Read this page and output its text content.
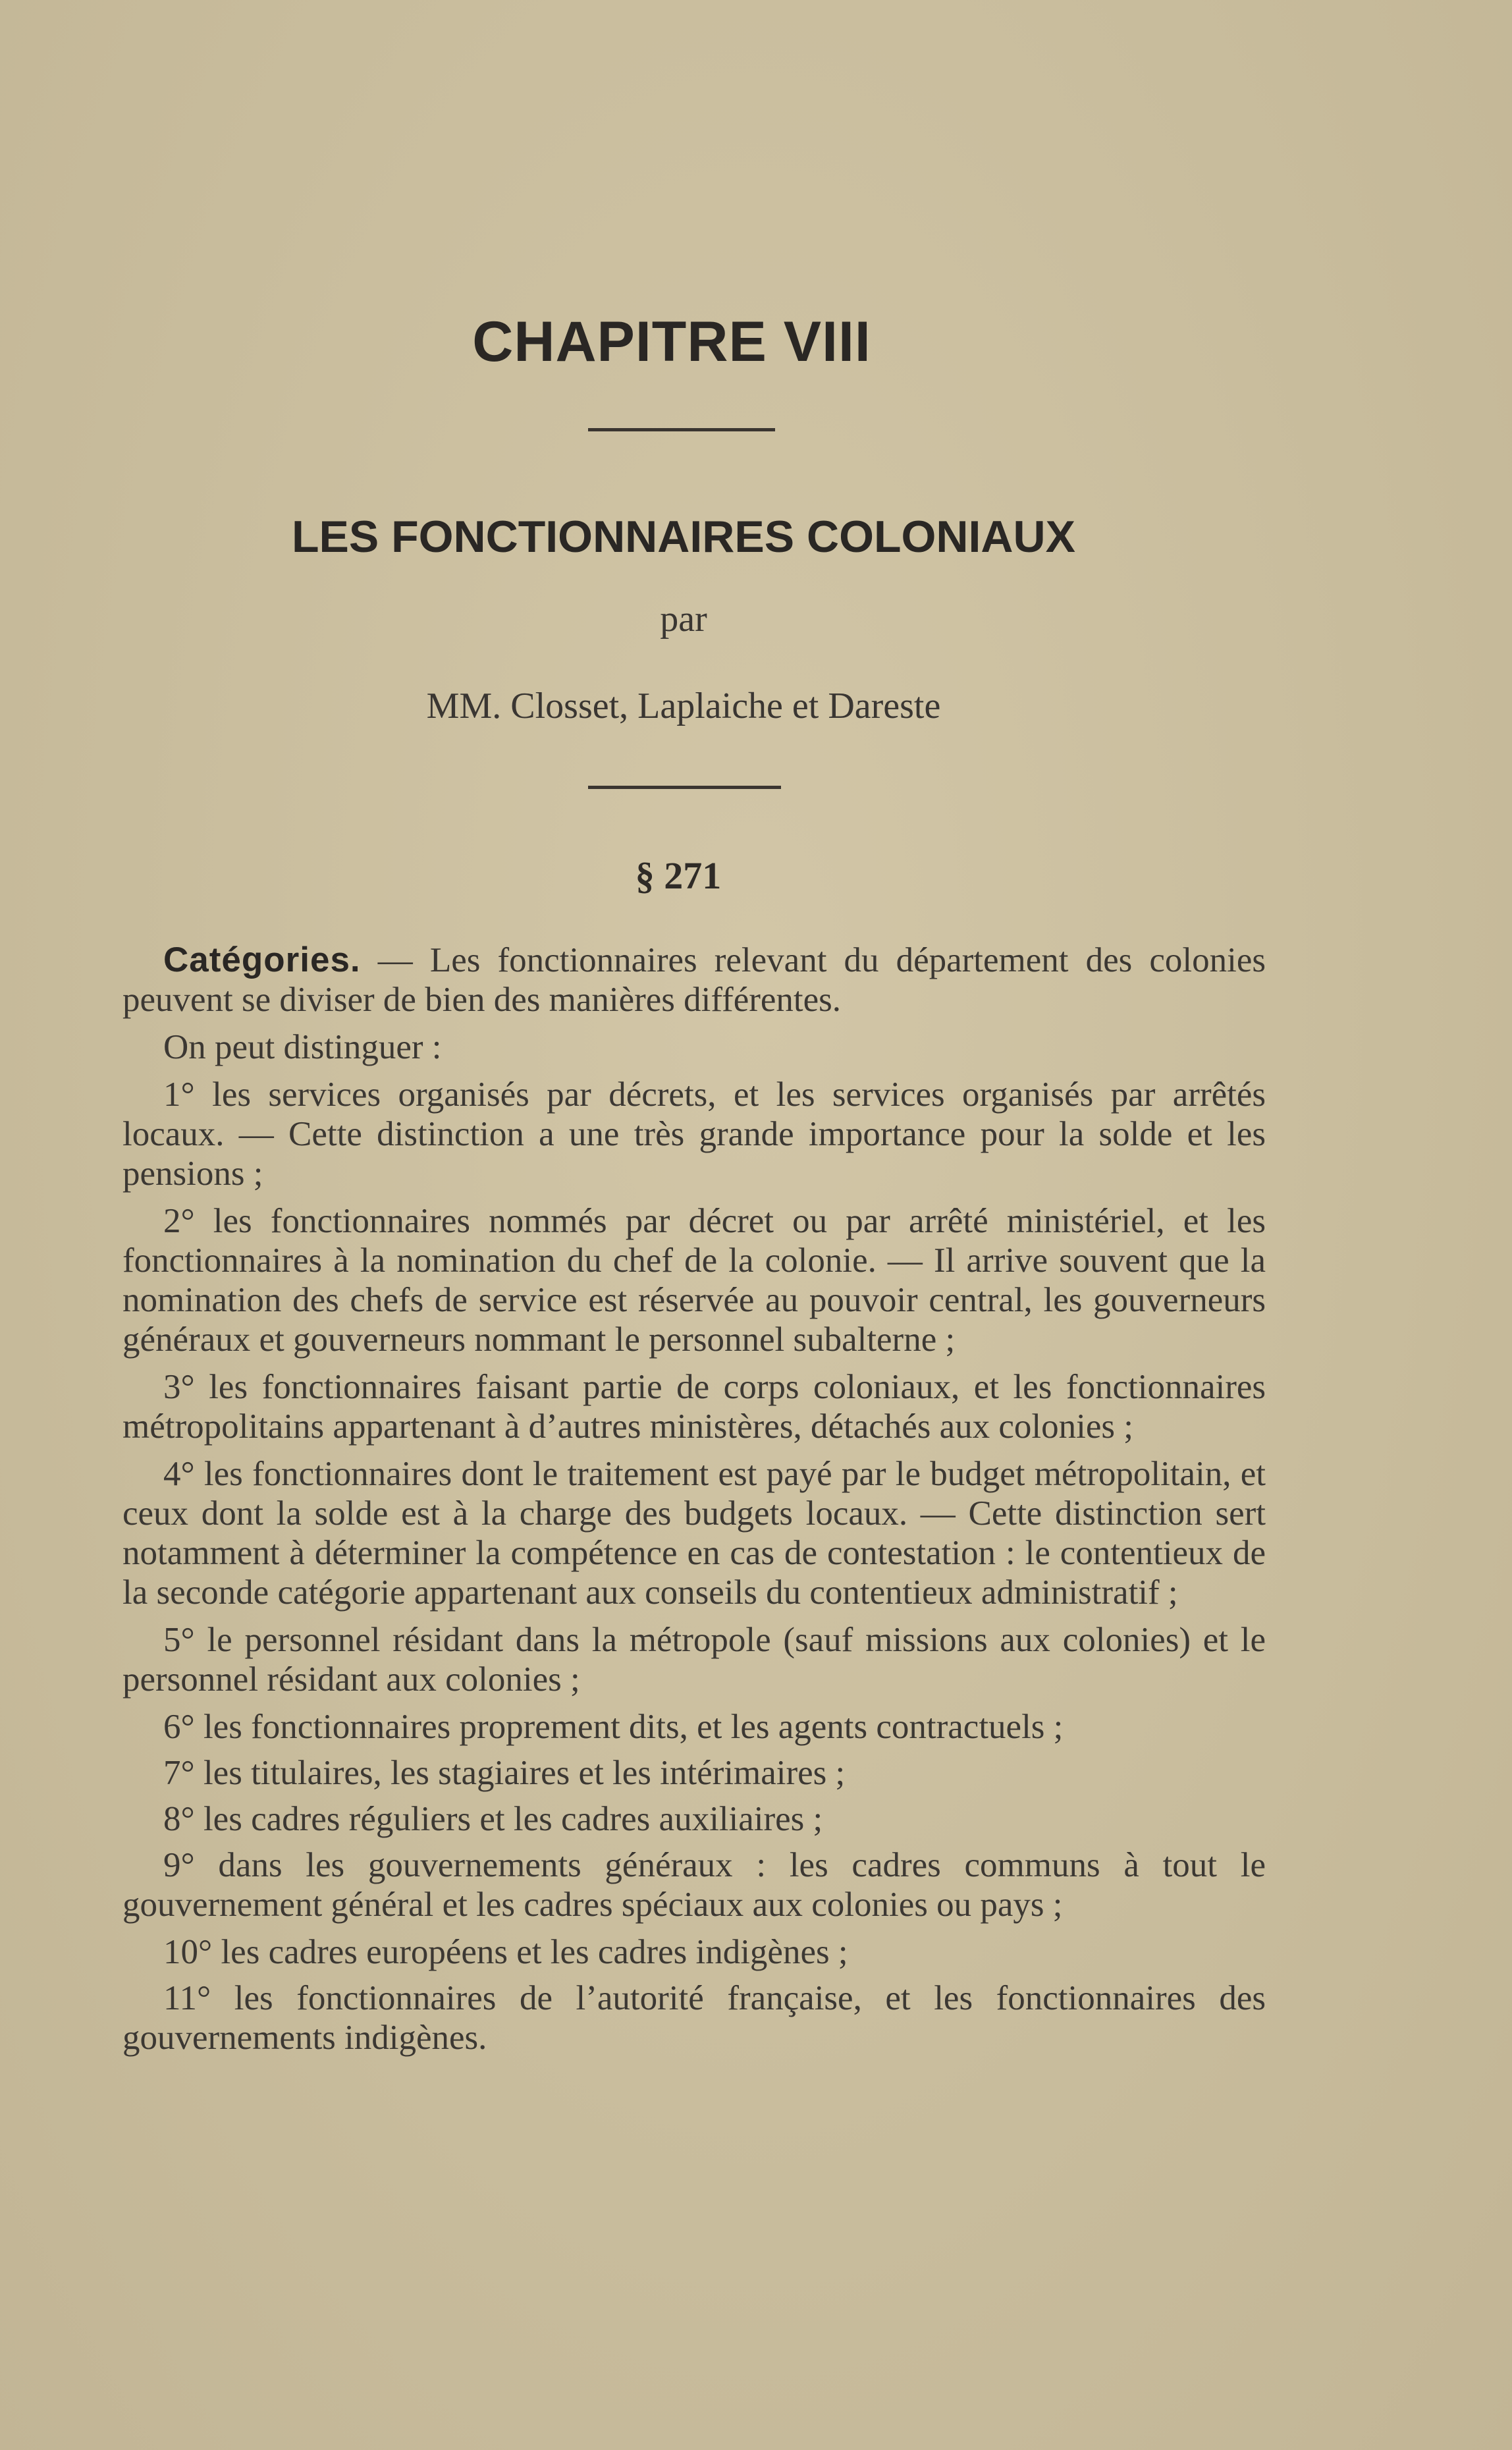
CHAPITRE VIII
LES FONCTIONNAIRES COLONIAUX
par
MM. Closset, Laplaiche et Dareste
§ 271

Catégories. — Les fonctionnaires relevant du département des colonies peuvent se diviser de bien des manières différentes.

On peut distinguer :

1° les services organisés par décrets, et les services organisés par arrêtés locaux. — Cette distinction a une très grande importance pour la solde et les pensions ;

2° les fonctionnaires nommés par décret ou par arrêté ministériel, et les fonctionnaires à la nomination du chef de la colonie. — Il arrive souvent que la nomination des chefs de service est réservée au pouvoir central, les gouverneurs généraux et gouverneurs nommant le personnel subalterne ;

3° les fonctionnaires faisant partie de corps coloniaux, et les fonctionnaires métropolitains appartenant à d’autres ministères, détachés aux colonies ;

4° les fonctionnaires dont le traitement est payé par le budget métropolitain, et ceux dont la solde est à la charge des budgets locaux. — Cette distinction sert notamment à déterminer la compétence en cas de contestation : le contentieux de la seconde catégorie appartenant aux conseils du contentieux administratif ;

5° le personnel résidant dans la métropole (sauf missions aux colonies) et le personnel résidant aux colonies ;

6° les fonctionnaires proprement dits, et les agents contractuels ;

7° les titulaires, les stagiaires et les intérimaires ;

8° les cadres réguliers et les cadres auxiliaires ;

9° dans les gouvernements généraux : les cadres communs à tout le gouvernement général et les cadres spéciaux aux colonies ou pays ;

10° les cadres européens et les cadres indigènes ;

11° les fonctionnaires de l’autorité française, et les fonctionnaires des gouvernements indigènes.
